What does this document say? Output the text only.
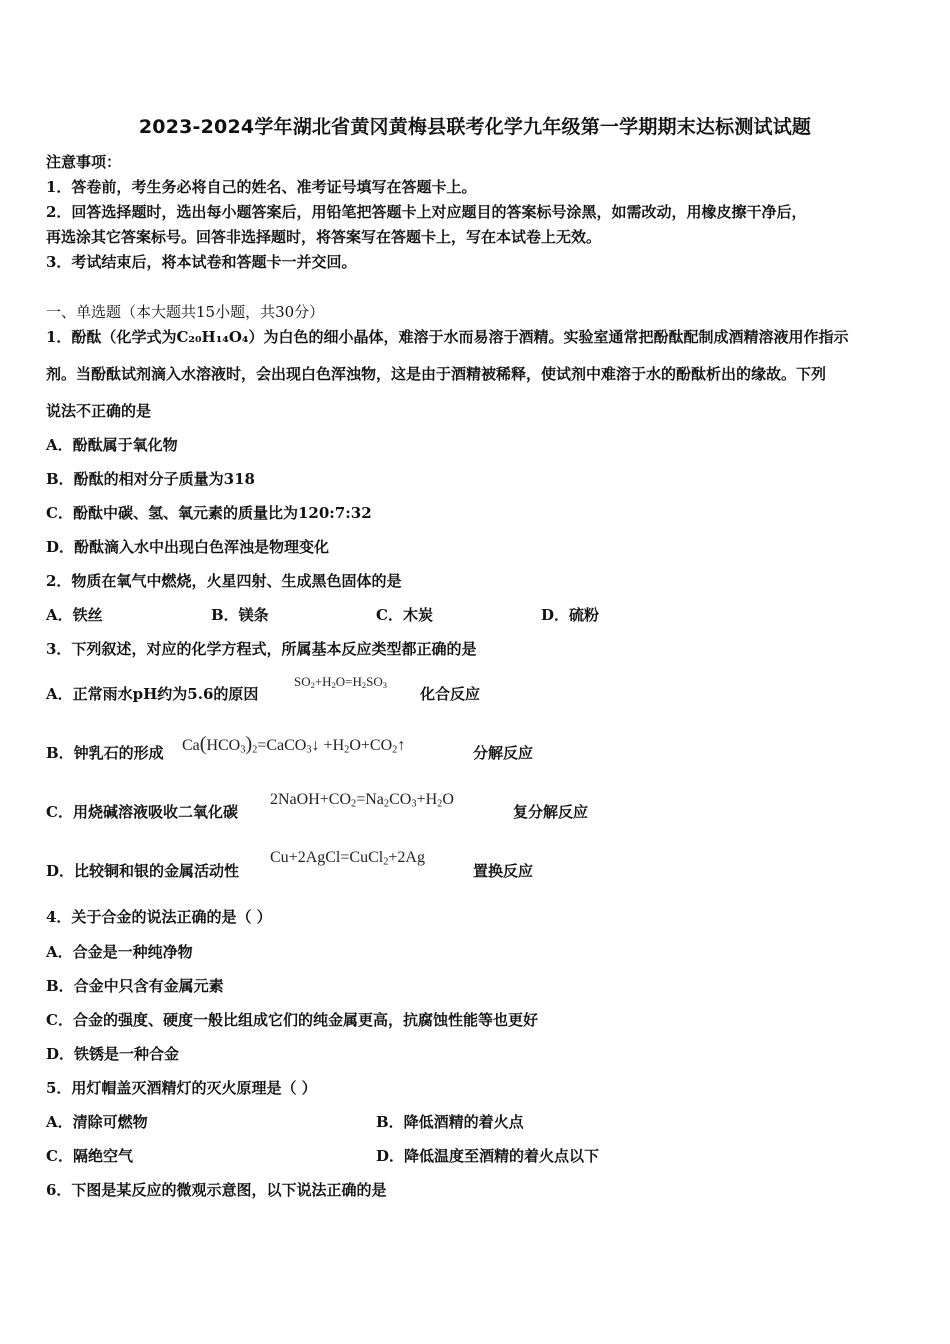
2023-2024学年湖北省黄冈黄梅县联考化学九年级第一学期期末达标测试试题
注意事项：
1．答卷前，考生务必将自己的姓名、准考证号填写在答题卡上。
2．回答选择题时，选出每小题答案后，用铅笔把答题卡上对应题目的答案标号涂黑，如需改动，用橡皮擦干净后，
再选涂其它答案标号。回答非选择题时，将答案写在答题卡上，写在本试卷上无效。
3．考试结束后，将本试卷和答题卡一并交回。
一、单选题（本大题共15小题，共30分）
1．酚酞（化学式为C₂₀H₁₄O₄）为白色的细小晶体，难溶于水而易溶于酒精。实验室通常把酚酞配制成酒精溶液用作指示
剂。当酚酞试剂滴入水溶液时，会出现白色浑浊物，这是由于酒精被稀释，使试剂中难溶于水的酚酞析出的缘故。下列
说法不正确的是
A．酚酞属于氧化物
B．酚酞的相对分子质量为318
C．酚酞中碳、氢、氧元素的质量比为120:7:32
D．酚酞滴入水中出现白色浑浊是物理变化
2．物质在氧气中燃烧，火星四射、生成黑色固体的是
A．铁丝	B．镁条	C．木炭	D．硫粉
3．下列叙述，对应的化学方程式，所属基本反应类型都正确的是
A．正常雨水pH约为5.6的原因
$SO_2+H_2O=H_2SO_3$ 化合反应
B．钟乳石的形成 $Ca(HCO_3)_2=CaCO_3↓$ $+H_2O+CO_2↑$	分解反应
C．用烧碱溶液吸收二氧化碳
$2NaOH+CO_2=Na_2CO_3+H_2O$
复分解反应
D．比较铜和银的金属活动性
Cu+2AgCl=CuCl$_2$+2Ag
置换反应
4．关于合金的说法正确的是（ ）
A．合金是一种纯净物
B．合金中只含有金属元素
C．合金的强度、硬度一般比组成它们的纯金属更高，抗腐蚀性能等也更好
D．铁锈是一种合金
5．用灯帽盖灭酒精灯的灭火原理是（ ）
A．清除可燃物	B．降低酒精的着火点
C．隔绝空气	D．降低温度至酒精的着火点以下
6．下图是某反应的微观示意图，以下说法正确的是
